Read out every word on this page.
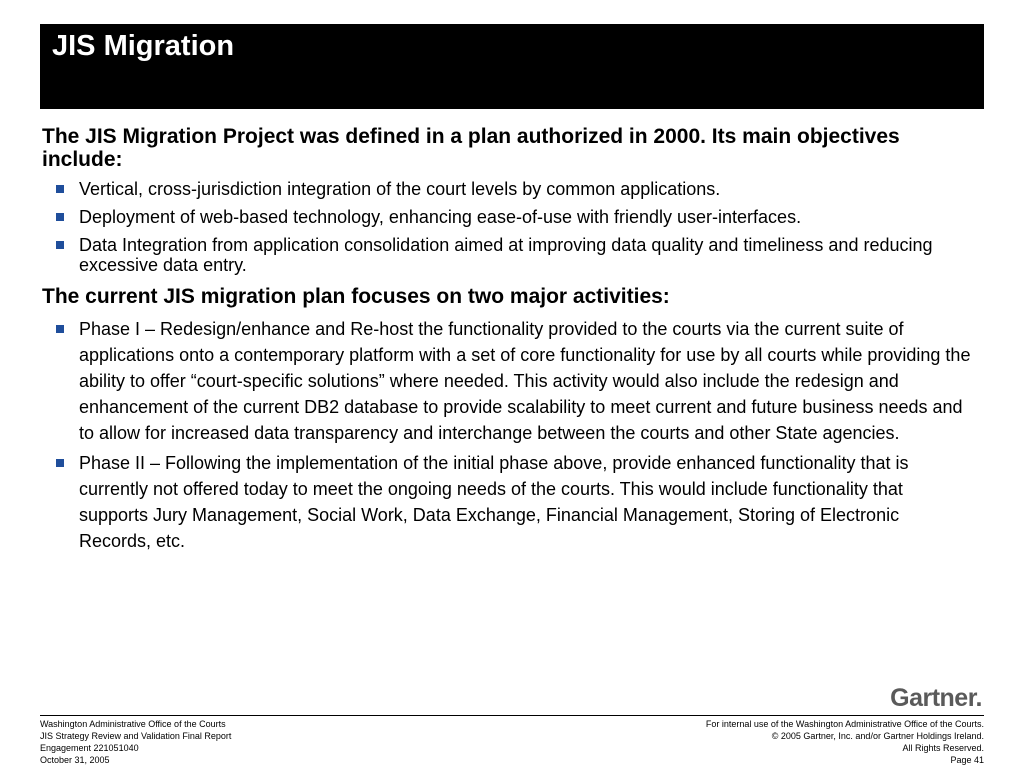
JIS Migration

The JIS Migration Project was defined in a plan authorized in 2000. Its main objectives include:

Vertical, cross-jurisdiction integration of the court levels by common applications.
Deployment of web-based technology, enhancing ease-of-use with friendly user-interfaces.
Data Integration from application consolidation aimed at improving data quality and timeliness and reducing excessive data entry.

The current JIS migration plan focuses on two major activities:

Phase I – Redesign/enhance and Re-host the functionality provided to the courts via the current suite of applications onto a contemporary platform with a set of core functionality for use by all courts while providing the ability to offer “court-specific solutions” where needed. This activity would also include the redesign and enhancement of the current DB2 database to provide scalability to meet current and future business needs and to allow for increased data transparency and interchange between the courts and other State agencies.
Phase II – Following the implementation of the initial phase above, provide enhanced functionality that is currently not offered today to meet the ongoing needs of the courts. This would include functionality that supports Jury Management, Social Work, Data Exchange, Financial Management, Storing of Electronic Records, etc.
Gartner.
Washington Administrative Office of the Courts
JIS Strategy Review and Validation Final Report
Engagement 221051040
October 31, 2005
For internal use of the Washington Administrative Office of the Courts.
© 2005 Gartner, Inc. and/or Gartner Holdings Ireland.
All Rights Reserved.
Page 41
